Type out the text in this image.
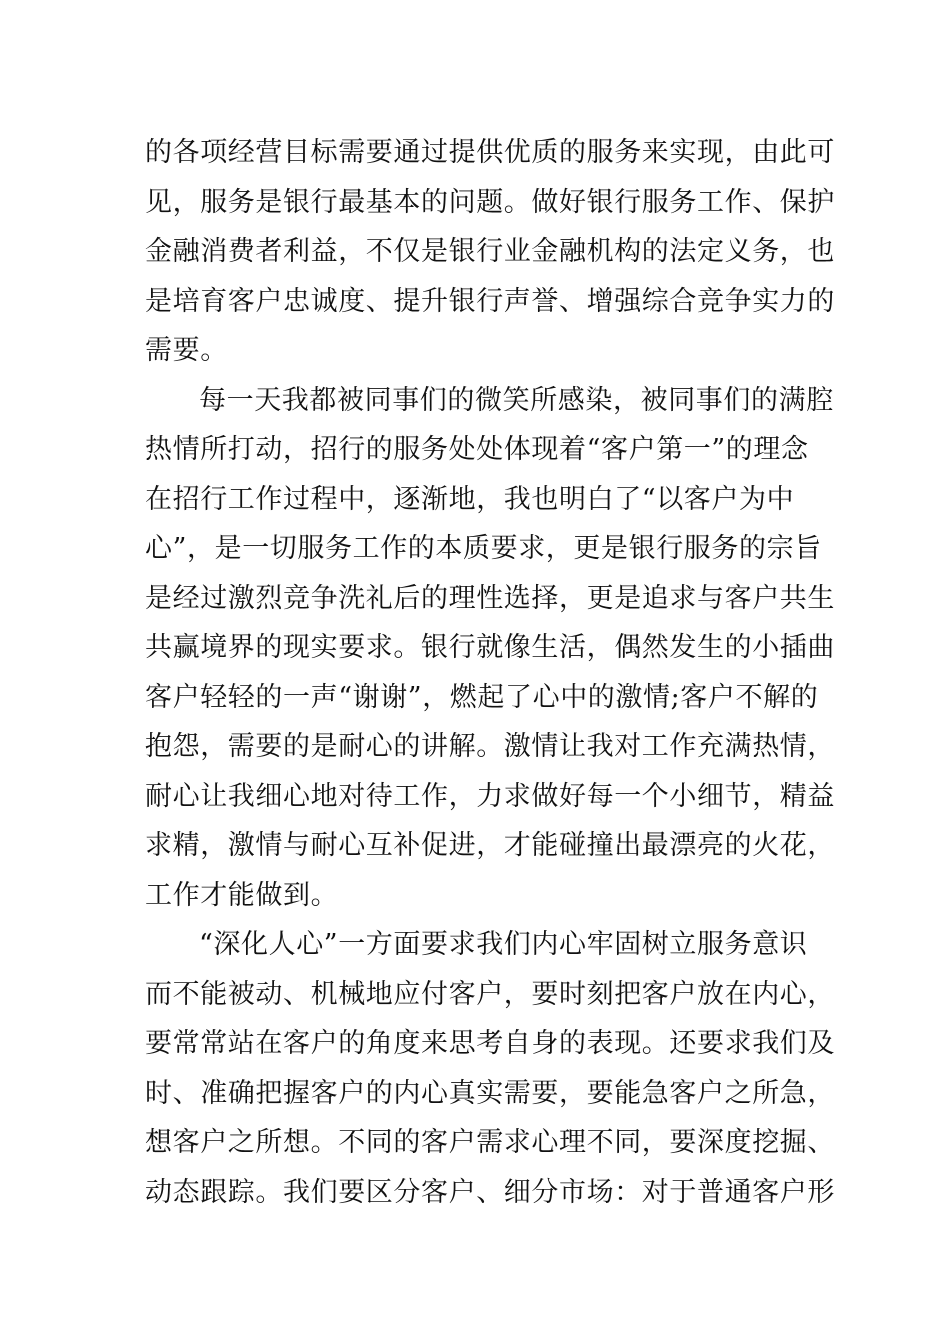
的各项经营目标需要通过提供优质的服务来实现，由此可
见，服务是银行最基本的问题。做好银行服务工作、保护
金融消费者利益，不仅是银行业金融机构的法定义务，也
是培育客户忠诚度、提升银行声誉、增强综合竞争实力的
需要。
每一天我都被同事们的微笑所感染，被同事们的满腔
热情所打动，招行的服务处处体现着“客户第一”的理念
在招行工作过程中，逐渐地，我也明白了“以客户为中
心”，是一切服务工作的本质要求，更是银行服务的宗旨
是经过激烈竞争洗礼后的理性选择，更是追求与客户共生
共赢境界的现实要求。银行就像生活，偶然发生的小插曲
客户轻轻的一声“谢谢”，燃起了心中的激情;客户不解的
抱怨，需要的是耐心的讲解。激情让我对工作充满热情，
耐心让我细心地对待工作，力求做好每一个小细节，精益
求精，激情与耐心互补促进，才能碰撞出最漂亮的火花，
工作才能做到。
“深化人心”一方面要求我们内心牢固树立服务意识
而不能被动、机械地应付客户，要时刻把客户放在内心，
要常常站在客户的角度来思考自身的表现。还要求我们及
时、准确把握客户的内心真实需要，要能急客户之所急，
想客户之所想。不同的客户需求心理不同，要深度挖掘、
动态跟踪。我们要区分客户、细分市场：对于普通客户形
